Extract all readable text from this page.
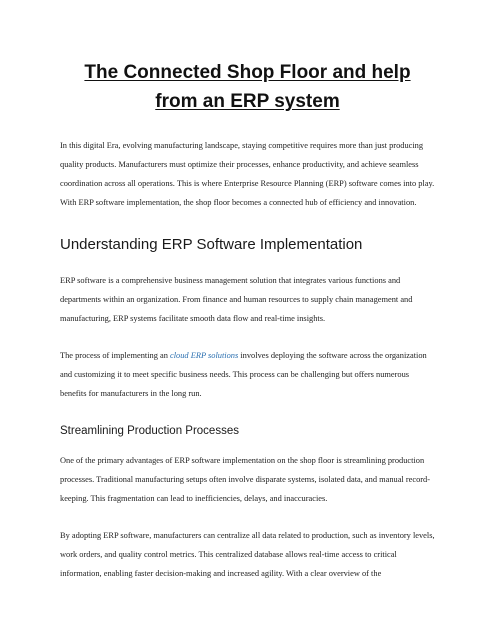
The Connected Shop Floor and help from an ERP system

In this digital Era, evolving manufacturing landscape, staying competitive requires more than just producing quality products. Manufacturers must optimize their processes, enhance productivity, and achieve seamless coordination across all operations. This is where Enterprise Resource Planning (ERP) software comes into play. With ERP software implementation, the shop floor becomes a connected hub of efficiency and innovation.

Understanding ERP Software Implementation

ERP software is a comprehensive business management solution that integrates various functions and departments within an organization. From finance and human resources to supply chain management and manufacturing, ERP systems facilitate smooth data flow and real-time insights.

The process of implementing an cloud ERP solutions involves deploying the software across the organization and customizing it to meet specific business needs. This process can be challenging but offers numerous benefits for manufacturers in the long run.

Streamlining Production Processes

One of the primary advantages of ERP software implementation on the shop floor is streamlining production processes. Traditional manufacturing setups often involve disparate systems, isolated data, and manual record-keeping. This fragmentation can lead to inefficiencies, delays, and inaccuracies.

By adopting ERP software, manufacturers can centralize all data related to production, such as inventory levels, work orders, and quality control metrics. This centralized database allows real-time access to critical information, enabling faster decision-making and increased agility. With a clear overview of the
